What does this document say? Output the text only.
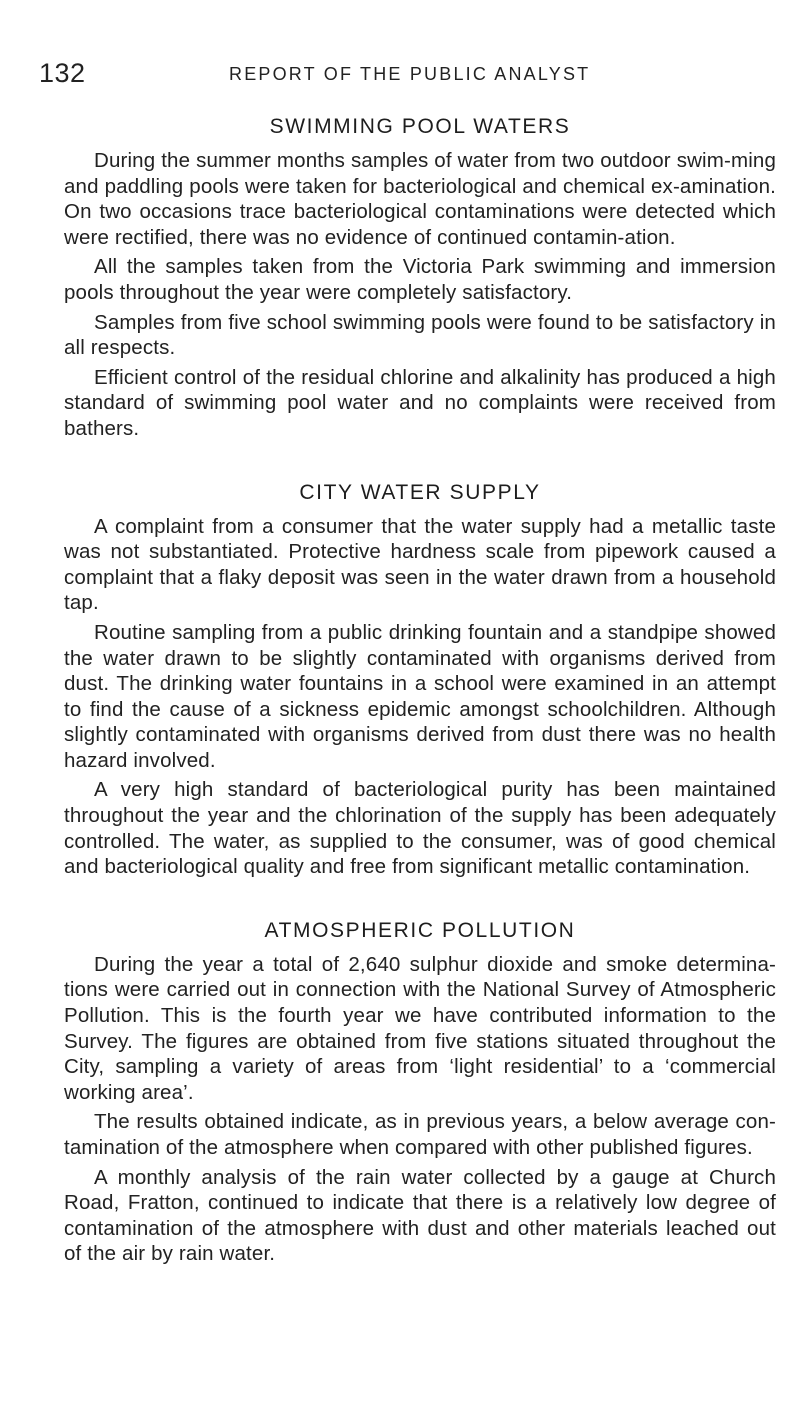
132	REPORT OF THE PUBLIC ANALYST
SWIMMING POOL WATERS

During the summer months samples of water from two outdoor swim-ming and paddling pools were taken for bacteriological and chemical ex-amination. On two occasions trace bacteriological contaminations were detected which were rectified, there was no evidence of continued contamin-ation.

All the samples taken from the Victoria Park swimming and immersion pools throughout the year were completely satisfactory.

Samples from five school swimming pools were found to be satisfactory in all respects.

Efficient control of the residual chlorine and alkalinity has produced a high standard of swimming pool water and no complaints were received from bathers.

CITY WATER SUPPLY

A complaint from a consumer that the water supply had a metallic taste was not substantiated. Protective hardness scale from pipework caused a complaint that a flaky deposit was seen in the water drawn from a household tap.

Routine sampling from a public drinking fountain and a standpipe showed the water drawn to be slightly contaminated with organisms derived from dust. The drinking water fountains in a school were examined in an attempt to find the cause of a sickness epidemic amongst schoolchildren. Although slightly contaminated with organisms derived from dust there was no health hazard involved.

A very high standard of bacteriological purity has been maintained throughout the year and the chlorination of the supply has been adequately controlled. The water, as supplied to the consumer, was of good chemical and bacteriological quality and free from significant metallic contamination.

ATMOSPHERIC POLLUTION

During the year a total of 2,640 sulphur dioxide and smoke determina-tions were carried out in connection with the National Survey of Atmospheric Pollution. This is the fourth year we have contributed information to the Survey. The figures are obtained from five stations situated throughout the City, sampling a variety of areas from ‘light residential’ to a ‘commercial working area’.

The results obtained indicate, as in previous years, a below average con-tamination of the atmosphere when compared with other published figures.

A monthly analysis of the rain water collected by a gauge at Church Road, Fratton, continued to indicate that there is a relatively low degree of contamination of the atmosphere with dust and other materials leached out of the air by rain water.
